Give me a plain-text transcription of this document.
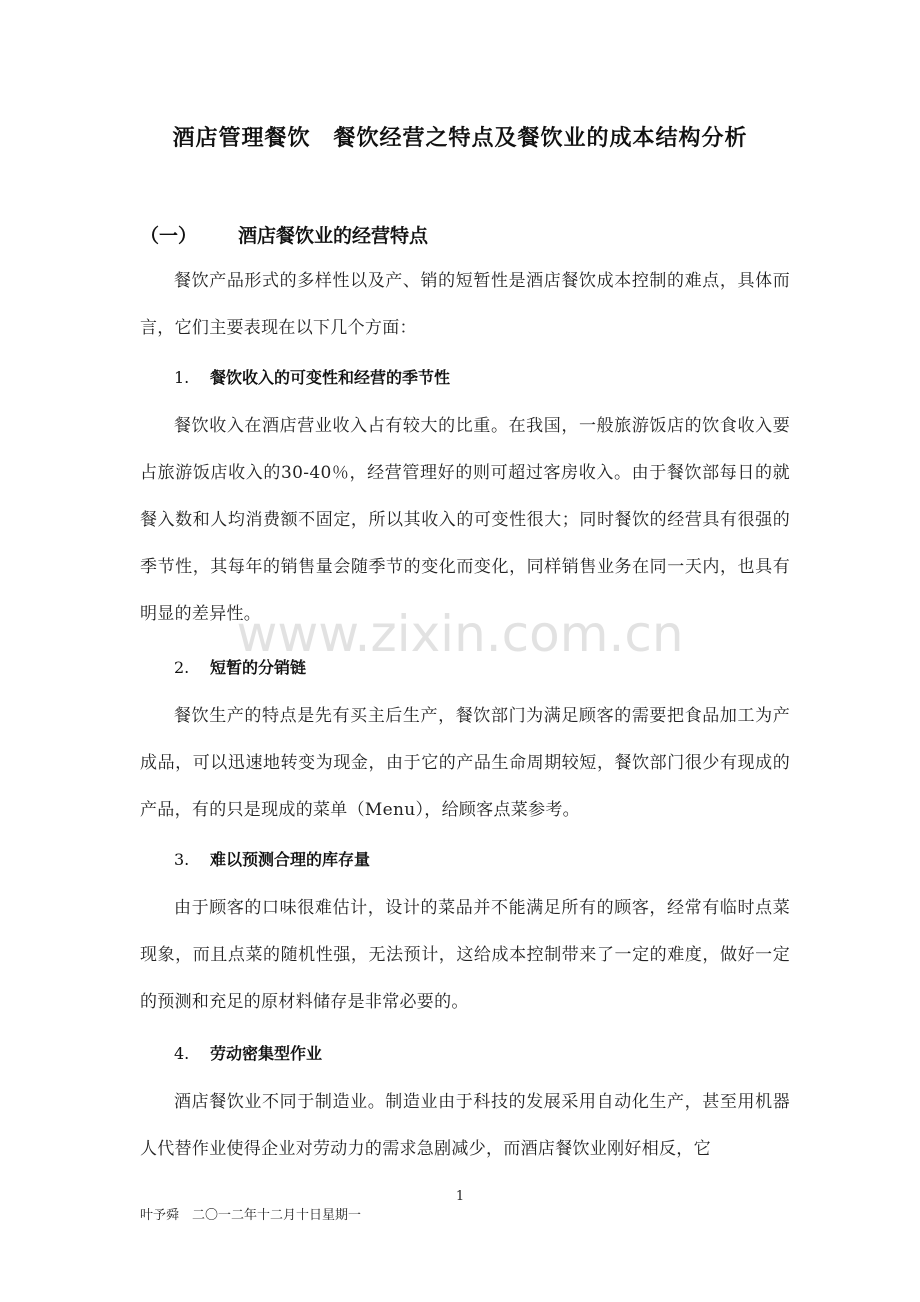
酒店管理餐饮　餐饮经营之特点及餐饮业的成本结构分析
（一） 酒店餐饮业的经营特点

餐饮产品形式的多样性以及产、销的短暂性是酒店餐饮成本控制的难点，具体而言，它们主要表现在以下几个方面：

1. 餐饮收入的可变性和经营的季节性

餐饮收入在酒店营业收入占有较大的比重。在我国，一般旅游饭店的饮食收入要占旅游饭店收入的30-40％，经营管理好的则可超过客房收入。由于餐饮部每日的就餐入数和人均消费额不固定，所以其收入的可变性很大；同时餐饮的经营具有很强的季节性，其每年的销售量会随季节的变化而变化，同样销售业务在同一天内，也具有明显的差异性。

2. 短暂的分销链

餐饮生产的特点是先有买主后生产，餐饮部门为满足顾客的需要把食品加工为产成品，可以迅速地转变为现金，由于它的产品生命周期较短，餐饮部门很少有现成的产品，有的只是现成的菜单（Menu），给顾客点菜参考。

3. 难以预测合理的库存量

由于顾客的口味很难估计，设计的菜品并不能满足所有的顾客，经常有临时点菜现象，而且点菜的随机性强，无法预计，这给成本控制带来了一定的难度，做好一定的预测和充足的原材料储存是非常必要的。

4. 劳动密集型作业

酒店餐饮业不同于制造业。制造业由于科技的发展采用自动化生产，甚至用机器人代替作业使得企业对劳动力的需求急剧减少，而酒店餐饮业刚好相反，它

www.zixin.com.cn
1
叶予舜　二〇一二年十二月十日星期一
